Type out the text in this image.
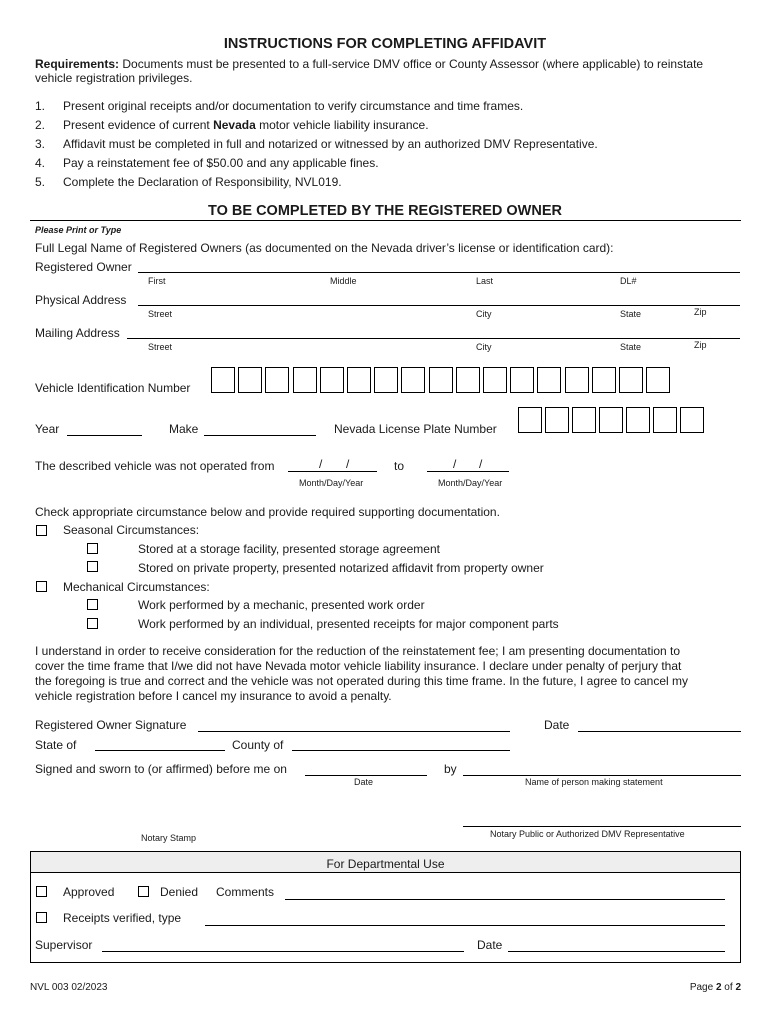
INSTRUCTIONS FOR COMPLETING AFFIDAVIT
Requirements: Documents must be presented to a full-service DMV office or County Assessor (where applicable) to reinstate
vehicle registration privileges.
1. Present original receipts and/or documentation to verify circumstance and time frames.
2. Present evidence of current Nevada motor vehicle liability insurance.
3. Affidavit must be completed in full and notarized or witnessed by an authorized DMV Representative.
4. Pay a reinstatement fee of $50.00 and any applicable fines.
5. Complete the Declaration of Responsibility, NVL019.
TO BE COMPLETED BY THE REGISTERED OWNER
Please Print or Type
Full Legal Name of Registered Owners (as documented on the Nevada driver’s license or identification card):
Registered Owner
First	Middle	Last	DL#
Physical Address
Street	City	State	Zip
Mailing Address
Street	City	State	Zip
Vehicle Identification Number
Year	Make	Nevada License Plate Number
The described vehicle was not operated from	/ /	to	/ /
Month/Day/Year	Month/Day/Year
Check appropriate circumstance below and provide required supporting documentation.
Seasonal Circumstances:
Stored at a storage facility, presented storage agreement
Stored on private property, presented notarized affidavit from property owner
Mechanical Circumstances:
Work performed by a mechanic, presented work order
Work performed by an individual, presented receipts for major component parts
I understand in order to receive consideration for the reduction of the reinstatement fee; I am presenting documentation to
cover the time frame that I/we did not have Nevada motor vehicle liability insurance. I declare under penalty of perjury that
the foregoing is true and correct and the vehicle was not operated during this time frame. In the future, I agree to cancel my
vehicle registration before I cancel my insurance to avoid a penalty.
Registered Owner Signature	Date
State of	County of
Signed and sworn to (or affirmed) before me on	by
Date	Name of person making statement
Notary Public or Authorized DMV Representative
Notary Stamp
For Departmental Use
Approved	Denied Comments
Receipts verified, type
Supervisor	Date
NVL 003 02/2023	Page 2 of 2
